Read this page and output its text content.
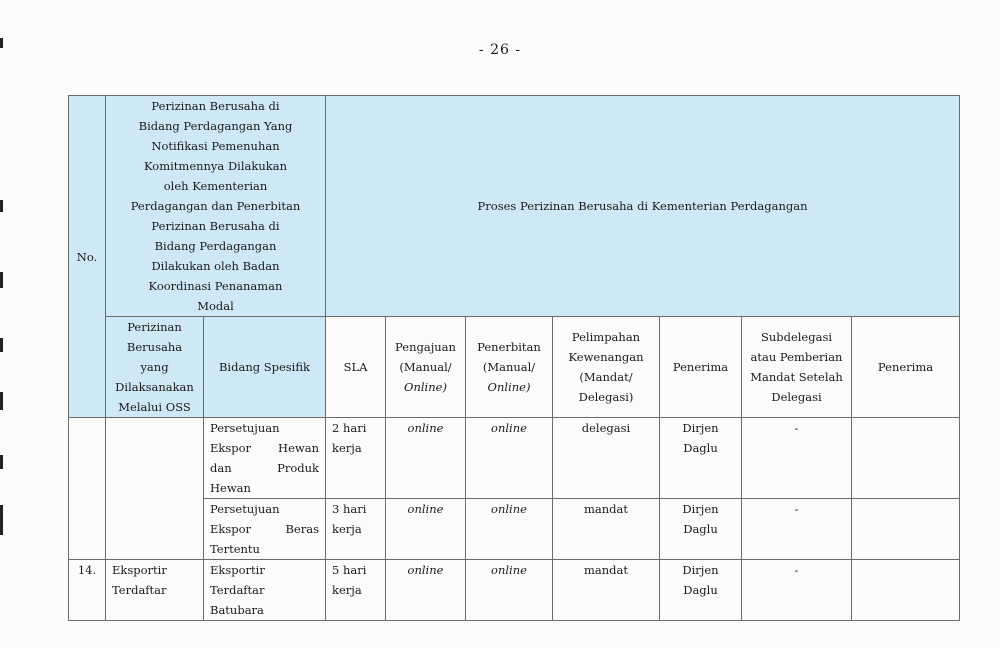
- 26 -
No.	Perizinan Berusaha di Bidang Perdagangan Yang Notifikasi Pemenuhan Komitmennya Dilakukan oleh Kementerian Perdagangan dan Penerbitan Perizinan Berusaha di Bidang Perdagangan Dilakukan oleh Badan Koordinasi Penanaman Modal		Proses Perizinan Berusaha di Kementerian Perdagangan						
	Perizinan Berusaha yang Dilaksanakan Melalui OSS	Bidang Spesifik	SLA	Pengajuan (Manual/ Online)	Penerbitan (Manual/ Online)	Pelimpahan Kewenangan (Mandat/ Delegasi)	Penerima	Subdelegasi atau Pemberian Mandat Setelah Delegasi	Penerima

		Persetujuan
Ekspor Hewan
dan Produk
Hewan	2 hari kerja	online	online	delegasi	Dirjen Daglu	-	

		Persetujuan
Ekspor Beras
Tertentu	3 hari kerja	online	online	mandat	Dirjen Daglu	-	
14.	Eksportir Terdaftar	Eksportir
Terdaftar
Batubara	5 hari kerja	online	online	mandat	Dirjen Daglu	-	
